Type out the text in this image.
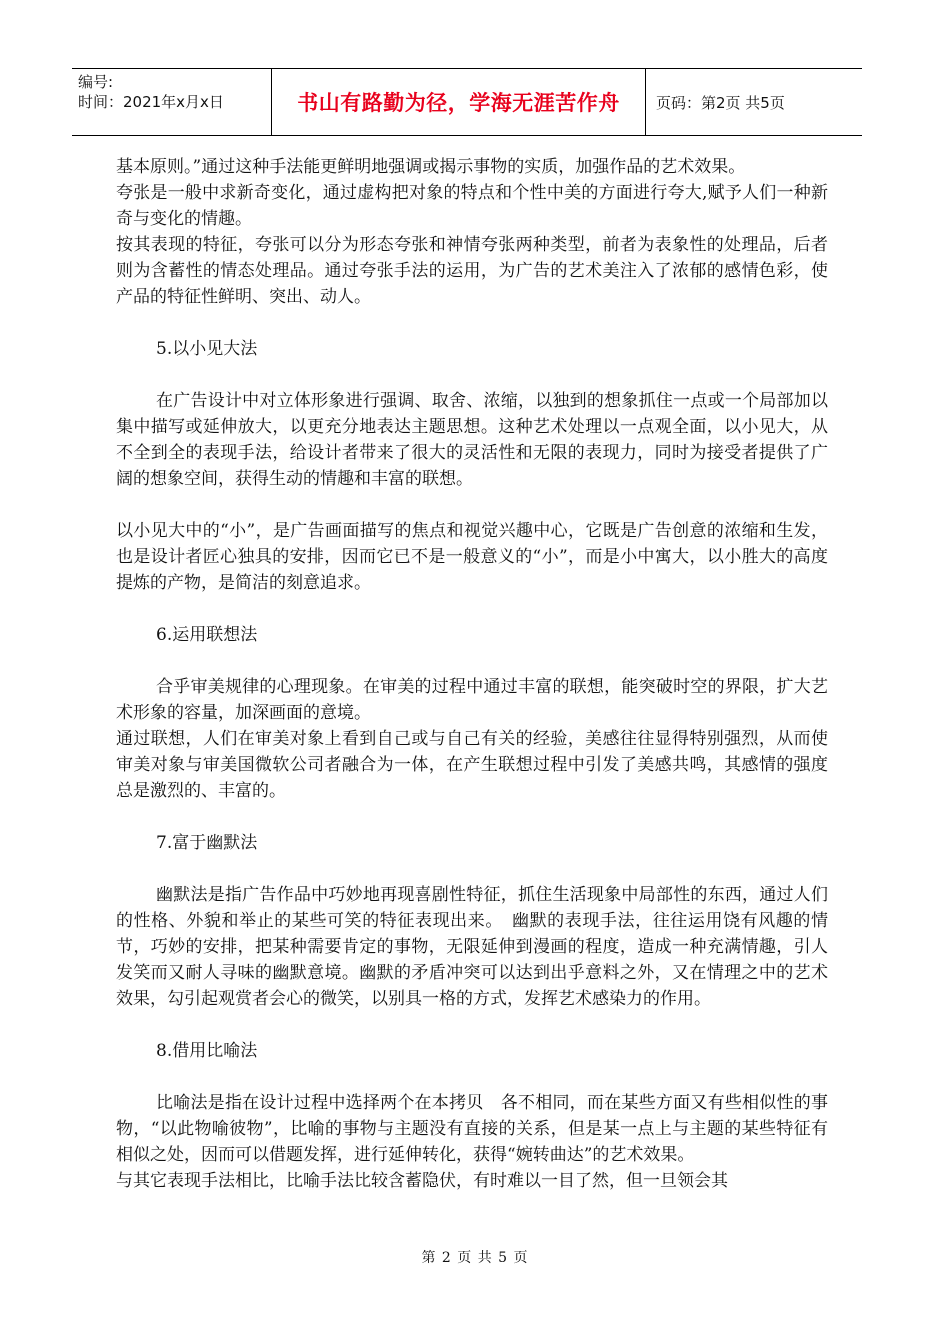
编号:
时间：2021年x月x日	书山有路勤为径，学海无涯苦作舟	页码：第2页 共5页

基本原则。”通过这种手法能更鲜明地强调或揭示事物的实质，加强作品的艺术效果。

夸张是一般中求新奇变化，通过虚构把对象的特点和个性中美的方面进行夸大,赋予人们一种新奇与变化的情趣。

按其表现的特征，夸张可以分为形态夸张和神情夸张两种类型，前者为表象性的处理品，后者则为含蓄性的情态处理品。通过夸张手法的运用，为广告的艺术美注入了浓郁的感情色彩，使产品的特征性鲜明、突出、动人。

5.以小见大法

在广告设计中对立体形象进行强调、取舍、浓缩，以独到的想象抓住一点或一个局部加以集中描写或延伸放大，以更充分地表达主题思想。这种艺术处理以一点观全面，以小见大，从不全到全的表现手法，给设计者带来了很大的灵活性和无限的表现力，同时为接受者提供了广阔的想象空间，获得生动的情趣和丰富的联想。

以小见大中的“小”，是广告画面描写的焦点和视觉兴趣中心，它既是广告创意的浓缩和生发，也是设计者匠心独具的安排，因而它已不是一般意义的“小”，而是小中寓大，以小胜大的高度提炼的产物，是简洁的刻意追求。

6.运用联想法

合乎审美规律的心理现象。在审美的过程中通过丰富的联想，能突破时空的界限，扩大艺术形象的容量，加深画面的意境。

通过联想，人们在审美对象上看到自己或与自己有关的经验，美感往往显得特别强烈，从而使审美对象与审美国微软公司者融合为一体，在产生联想过程中引发了美感共鸣，其感情的强度总是激烈的、丰富的。

7.富于幽默法

幽默法是指广告作品中巧妙地再现喜剧性特征，抓住生活现象中局部性的东西，通过人们的性格、外貌和举止的某些可笑的特征表现出来。　幽默的表现手法，往往运用饶有风趣的情节，巧妙的安排，把某种需要肯定的事物，无限延伸到漫画的程度，造成一种充满情趣，引人发笑而又耐人寻味的幽默意境。幽默的矛盾冲突可以达到出乎意料之外，又在情理之中的艺术效果，勾引起观赏者会心的微笑，以别具一格的方式，发挥艺术感染力的作用。

8.借用比喻法

比喻法是指在设计过程中选择两个在本拷贝　各不相同，而在某些方面又有些相似性的事物，“以此物喻彼物”，比喻的事物与主题没有直接的关系，但是某一点上与主题的某些特征有相似之处，因而可以借题发挥，进行延伸转化，获得“婉转曲达”的艺术效果。

与其它表现手法相比，比喻手法比较含蓄隐伏，有时难以一目了然，但一旦领会其

第 2 页 共 5 页
